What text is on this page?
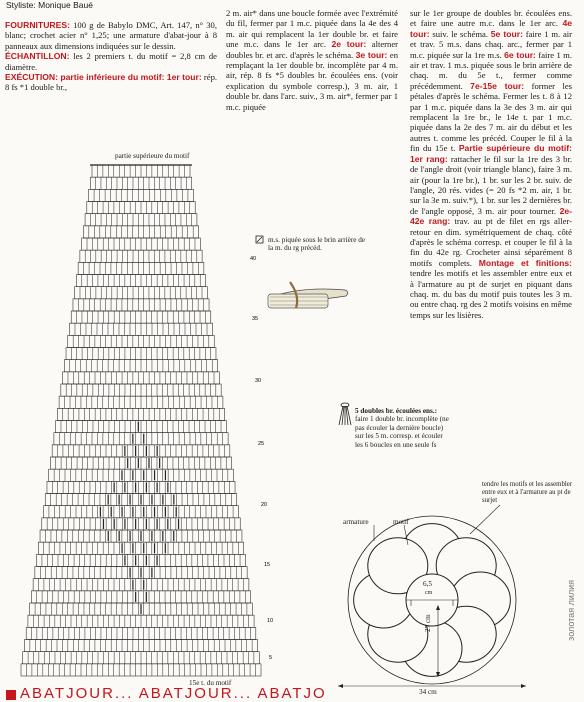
Styliste: Monique Baué
FOURNITURES: 100 g de Babylo DMC, Art. 147, n° 30, blanc; crochet acier n° 1,25; une armature d'abat-jour à 8 panneaux aux dimensions indiquées sur le dessin.
ÉCHANTILLON: les 2 premiers t. du motif = 2,8 cm de diamètre.
EXÉCUTION: partie inférieure du motif: 1er tour: rép. 8 fs *1 double br.,
2 m. air* dans une boucle formée avec l'extrémité du fil, fermer par 1 m.c. piquée dans la 4e des 4 m. air qui remplacent la 1er double br. et faire une m.c. dans le 1er arc. 2e tour: alterner doubles br. et arc. d'après le schéma. 3e tour: en remplaçant la 1er double br. incomplète par 4 m. air, rép. 8 fs *5 doubles br. écoulées ens. (voir explication du symbole corresp.), 3 m. air, 1 double br. dans l'arc. suiv., 3 m. air*, fermer par 1 m.c. piquée
sur le 1er groupe de doubles br. écoulées ens. et faire une autre m.c. dans le 1er arc. 4e tour: suiv. le schéma. 5e tour: faire 1 m. air et trav. 5 m.s. dans chaq. arc., fermer par 1 m.c. piquée sur la 1re m.s. 6e tour: faire 1 m. air et trav. 1 m.s. piquée sous le brin arrière de chaq. m. du 5e t., fermer comme précédemment. 7e-15e tour: former les pétales d'après le schéma. Fermer les t. 8 à 12 par 1 m.c. piquée dans la 3e des 3 m. air qui remplacent la 1re br., le 14e t. par 1 m.c. piquée dans la 2e des 7 m. air du début et les autres t. comme les précéd. Couper le fil à la fin du 15e t. Partie supérieure du motif: 1er rang: rattacher le fil sur la 1re des 3 br. de l'angle droit (voir triangle blanc), faire 3 m. air (pour la 1re br.), 1 br. sur les 2 br. suiv. de l'angle, 20 rés. vides (= 20 fs *2 m. air, 1 br. sur la 3e m. suiv.*), 1 br. sur les 2 dernières br. de l'angle opposé, 3 m. air pour tourner. 2e-42e rang: trav. au pt de filet en rgs aller-retour en dim. symétriquement de chaq. côté d'après le schéma corresp. et couper le fil à la fin du 42e rg. Crocheter ainsi séparément 8 motifs complets. Montage et finitions: tendre les motifs et les assembler entre eux et à l'armature au pt de surjet en piquant dans chaq. m. du bas du motif puis toutes les 3 m. ou entre chaq. rg des 2 motifs voisins en même temps sur les lisières.
partie supérieure du motif
15e t. du motif
40
35
30
25
20
15
10
5
m.s. piquée sous le brin arrière de la m. du rg précéd.
5 doubles br. écoulées ens.:
faire 1 double br. incomplète (ne pas écouler la dernière boucle) sur les 5 m. corresp. et écouler les 6 boucles en une seule fs
armature	motif
tendre les motifs et les assembler entre eux et à l'armature au pt de surjet
6,5
cm
27 cm
34 cm
ABATJOUR... ABATJOUR... ABATJO
золотая лилия
